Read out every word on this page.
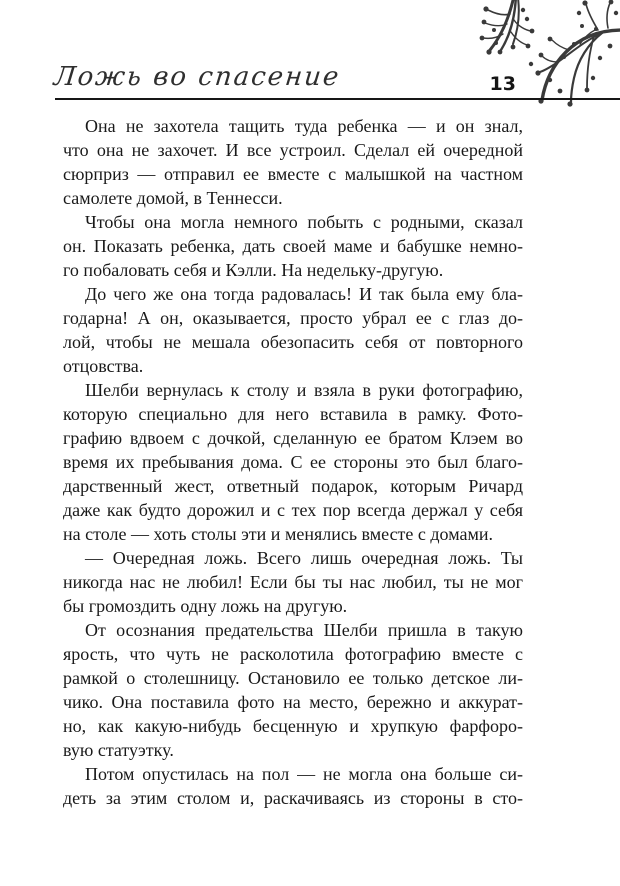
Ложь во спасение	13
Она не захотела тащить туда ребенка — и он знал,
что она не захочет. И все устроил. Сделал ей очередной
сюрприз — отправил ее вместе с малышкой на частном
самолете домой, в Теннесси.
Чтобы она могла немного побыть с родными, сказал
он. Показать ребенка, дать своей маме и бабушке немно-
го побаловать себя и Кэлли. На недельку-другую.
До чего же она тогда радовалась! И так была ему бла-
годарна! А он, оказывается, просто убрал ее с глаз до-
лой, чтобы не мешала обезопасить себя от повторного
отцовства.
Шелби вернулась к столу и взяла в руки фотографию,
которую специально для него вставила в рамку. Фото-
графию вдвоем с дочкой, сделанную ее братом Клэем во
время их пребывания дома. С ее стороны это был благо-
дарственный жест, ответный подарок, которым Ричард
даже как будто дорожил и с тех пор всегда держал у себя
на столе — хоть столы эти и менялись вместе с домами.
— Очередная ложь. Всего лишь очередная ложь. Ты
никогда нас не любил! Если бы ты нас любил, ты не мог
бы громоздить одну ложь на другую.
От осознания предательства Шелби пришла в такую
ярость, что чуть не расколотила фотографию вместе с
рамкой о столешницу. Остановило ее только детское ли-
чико. Она поставила фото на место, бережно и аккурат-
но, как какую-нибудь бесценную и хрупкую фарфоро-
вую статуэтку.
Потом опустилась на пол — не могла она больше си-
деть за этим столом и, раскачиваясь из стороны в сто-
